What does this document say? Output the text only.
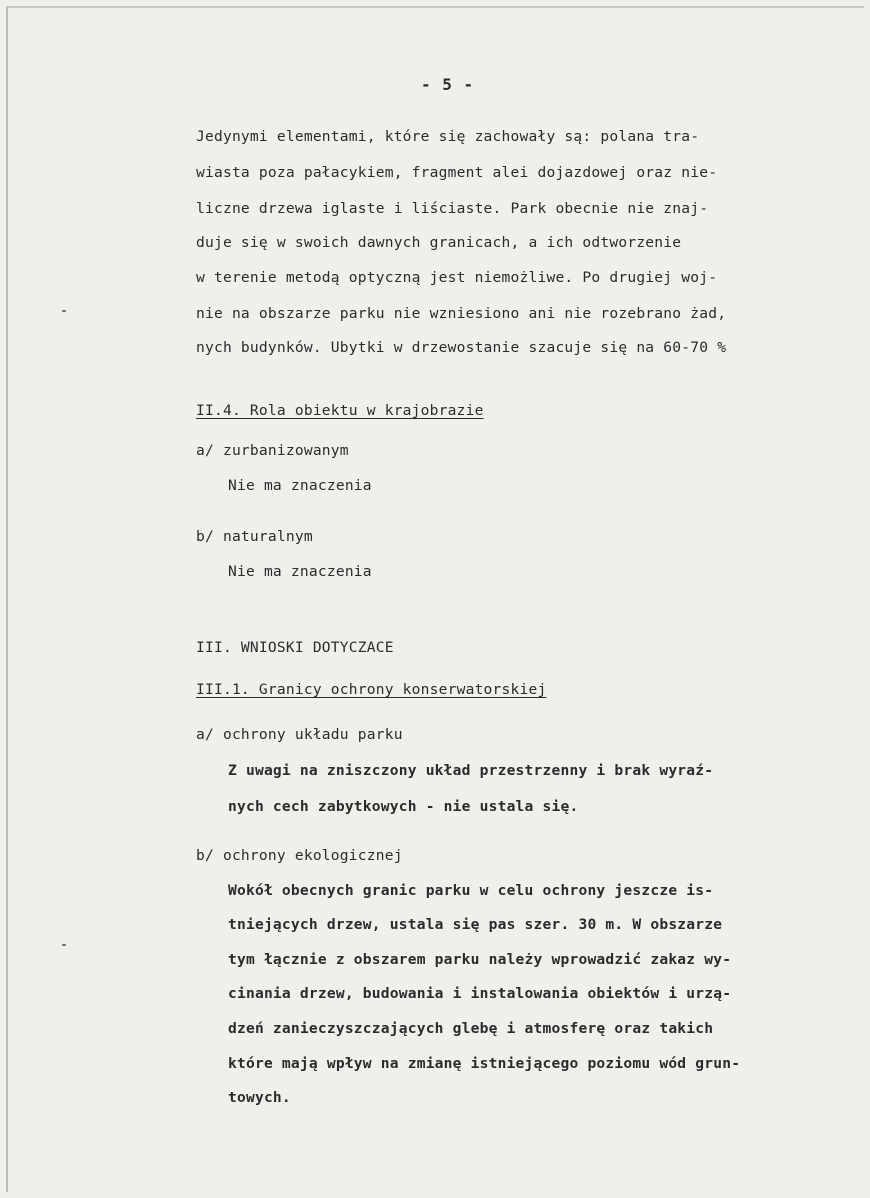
- 5 -
Jedynymi elementami, które się zachowały są: polana tra-
wiasta poza pałacykiem, fragment alei dojazdowej oraz nie-
liczne drzewa iglaste i liściaste. Park obecnie nie znaj-
duje się w swoich dawnych granicach, a ich odtworzenie
w terenie metodą optyczną jest niemożliwe. Po drugiej woj-
nie na obszarze parku nie wzniesiono ani nie rozebrano żad,
nych budynków. Ubytki w drzewostanie szacuje się na 60-70 %
II.4. Rola obiektu w krajobrazie
a/ zurbanizowanym
Nie ma znaczenia
b/ naturalnym
Nie ma znaczenia
III. WNIOSKI DOTYCZACE
III.1. Granicy ochrony konserwatorskiej
a/ ochrony układu parku
Z uwagi na zniszczony układ przestrzenny i brak wyraź-
nych cech zabytkowych - nie ustala się.
b/ ochrony ekologicznej
Wokół obecnych granic parku w celu ochrony jeszcze is-
tniejących drzew, ustala się pas szer. 30 m. W obszarze
tym łącznie z obszarem parku należy wprowadzić zakaz wy-
cinania drzew, budowania i instalowania obiektów i urzą-
dzeń zanieczyszczających glebę i atmosferę oraz takich
które mają wpływ na zmianę istniejącego poziomu wód grun-
towych.
